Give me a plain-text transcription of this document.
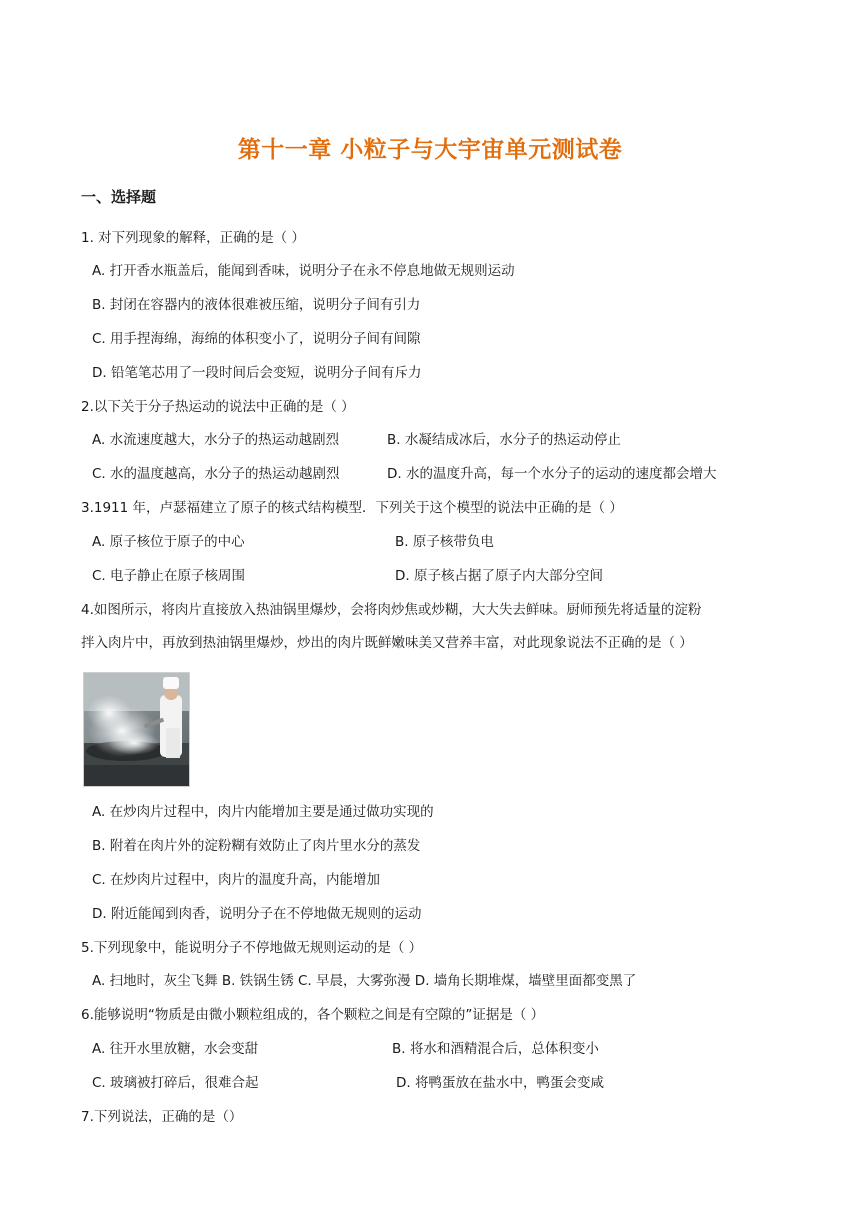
第十一章 小粒子与大宇宙单元测试卷
一、选择题
1. 对下列现象的解释，正确的是（ ）
A. 打开香水瓶盖后，能闻到香味，说明分子在永不停息地做无规则运动
B. 封闭在容器内的液体很难被压缩，说明分子间有引力
C. 用手捏海绵，海绵的体积变小了，说明分子间有间隙
D. 铅笔笔芯用了一段时间后会变短，说明分子间有斥力
2.以下关于分子热运动的说法中正确的是（ ）
A. 水流速度越大，水分子的热运动越剧烈	B. 水凝结成冰后，水分子的热运动停止
C. 水的温度越高，水分子的热运动越剧烈	D. 水的温度升高，每一个水分子的运动的速度都会增大
3.1911 年，卢瑟福建立了原子的核式结构模型．下列关于这个模型的说法中正确的是（ ）
A. 原子核位于原子的中心	B. 原子核带负电
C. 电子静止在原子核周围	D. 原子核占据了原子内大部分空间
4.如图所示，将肉片直接放入热油锅里爆炒，会将肉炒焦或炒糊，大大失去鲜味。厨师预先将适量的淀粉
拌入肉片中，再放到热油锅里爆炒，炒出的肉片既鲜嫩味美又营养丰富，对此现象说法不正确的是（ ）
A. 在炒肉片过程中，肉片内能增加主要是通过做功实现的
B. 附着在肉片外的淀粉糊有效防止了肉片里水分的蒸发
C. 在炒肉片过程中，肉片的温度升高，内能增加
D. 附近能闻到肉香，说明分子在不停地做无规则的运动
5.下列现象中，能说明分子不停地做无规则运动的是（ ）
A. 扫地时，灰尘飞舞 B. 铁锅生锈 C. 早晨，大雾弥漫 D. 墙角长期堆煤，墙壁里面都变黑了
6.能够说明“物质是由微小颗粒组成的，各个颗粒之间是有空隙的”证据是（ ）
A. 往开水里放糖，水会变甜	B. 将水和酒精混合后，总体积变小
C. 玻璃被打碎后，很难合起	D. 将鸭蛋放在盐水中，鸭蛋会变咸
7.下列说法，正确的是（）
